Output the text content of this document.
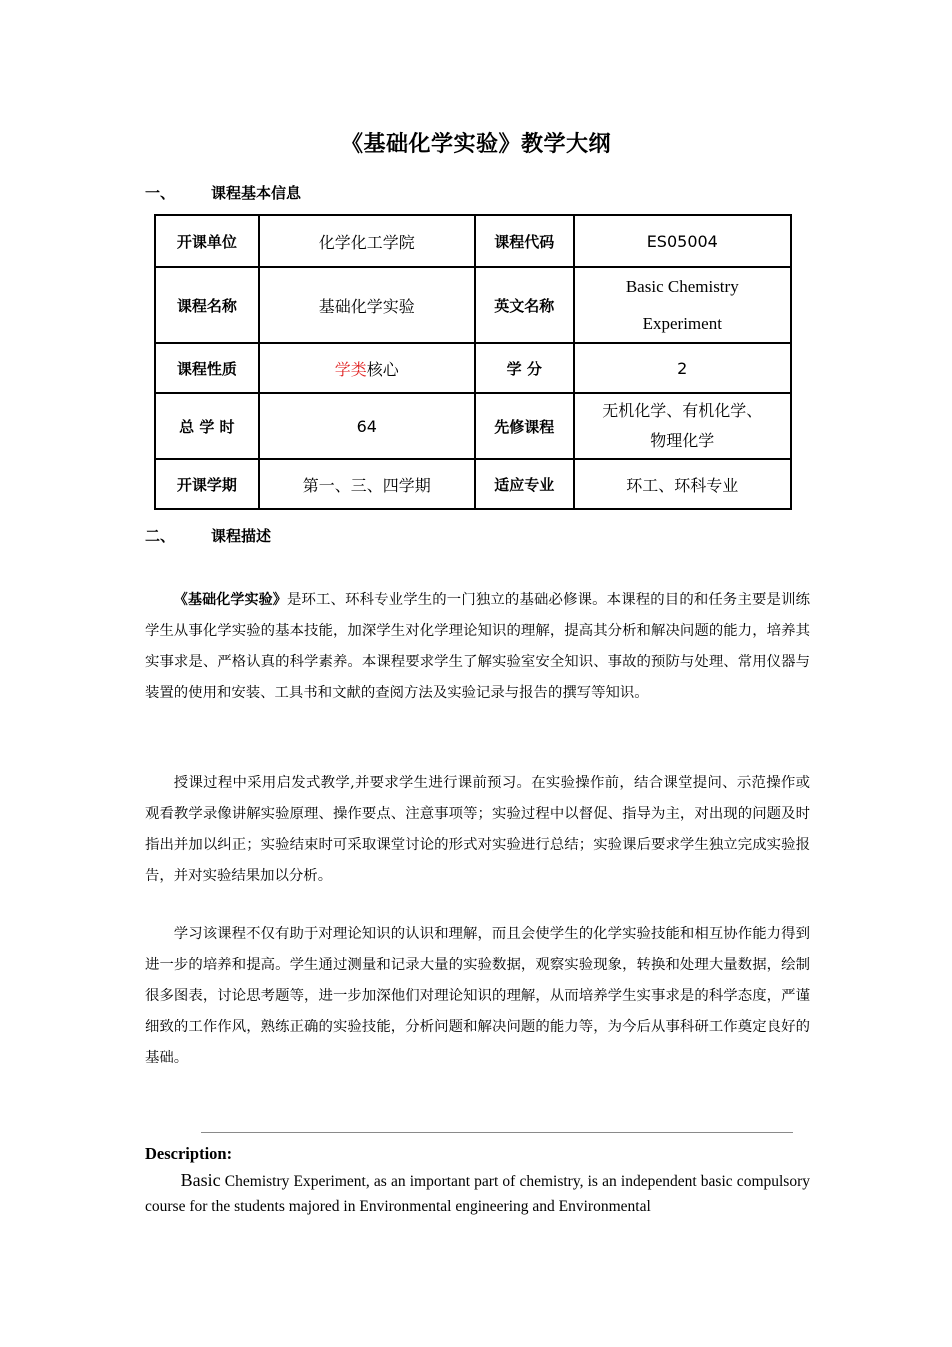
《基础化学实验》教学大纲
一、 课程基本信息
开课单位	化学化工学院	课程代码	ES05004
课程名称	基础化学实验	英文名称	Basic Chemistry
Experiment

课程性质	学类核心	学 分	2
总 学 时	64	先修课程	无机化学、有机化学、
物理化学

开课学期	第一、三、四学期	适应专业	环工、环科专业
二、 课程描述
《基础化学实验》是环工、环科专业学生的一门独立的基础必修课。本课程的目的和任务主要是训练学生从事化学实验的基本技能，加深学生对化学理论知识的理解，提高其分析和解决问题的能力，培养其实事求是、严格认真的科学素养。本课程要求学生了解实验室安全知识、事故的预防与处理、常用仪器与装置的使用和安装、工具书和文献的查阅方法及实验记录与报告的撰写等知识。
授课过程中采用启发式教学,并要求学生进行课前预习。在实验操作前，结合课堂提问、示范操作或观看教学录像讲解实验原理、操作要点、注意事项等；实验过程中以督促、指导为主，对出现的问题及时指出并加以纠正；实验结束时可采取课堂讨论的形式对实验进行总结；实验课后要求学生独立完成实验报告，并对实验结果加以分析。
学习该课程不仅有助于对理论知识的认识和理解，而且会使学生的化学实验技能和相互协作能力得到进一步的培养和提高。学生通过测量和记录大量的实验数据，观察实验现象，转换和处理大量数据，绘制很多图表，讨论思考题等，进一步加深他们对理论知识的理解，从而培养学生实事求是的科学态度，严谨细致的工作作风，熟练正确的实验技能，分析问题和解决问题的能力等，为今后从事科研工作奠定良好的基础。
Description:
Basic Chemistry Experiment, as an important part of chemistry, is an independent basic compulsory course for the students majored in Environmental engineering and Environmental
